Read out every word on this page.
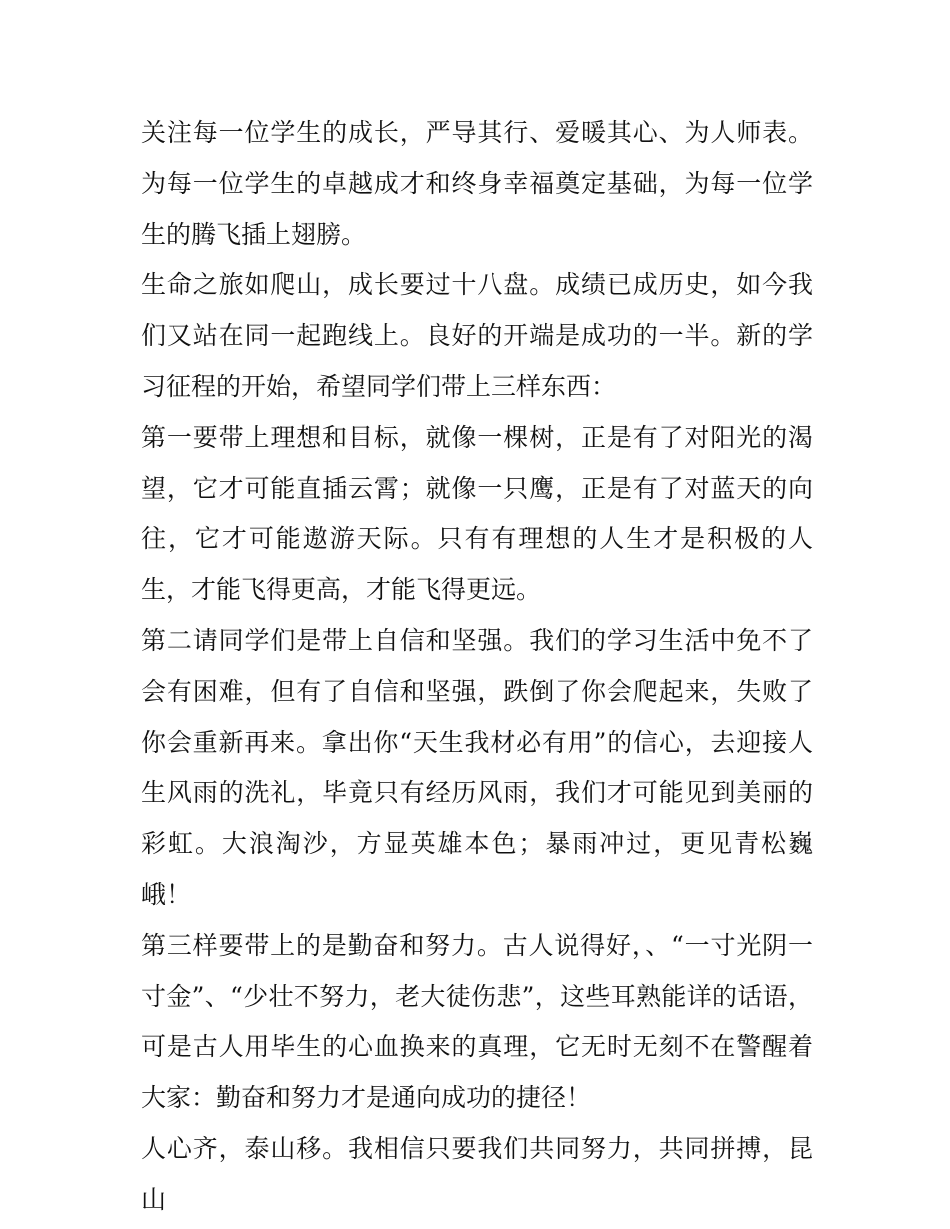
关注每一位学生的成长，严导其行、爱暖其心、为人师表。为每一位学生的卓越成才和终身幸福奠定基础，为每一位学生的腾飞插上翅膀。

生命之旅如爬山，成长要过十八盘。成绩已成历史，如今我们又站在同一起跑线上。良好的开端是成功的一半。新的学习征程的开始，希望同学们带上三样东西：

第一要带上理想和目标，就像一棵树，正是有了对阳光的渴望，它才可能直插云霄；就像一只鹰，正是有了对蓝天的向往，它才可能遨游天际。只有有理想的人生才是积极的人生，才能飞得更高，才能飞得更远。

第二请同学们是带上自信和坚强。我们的学习生活中免不了会有困难，但有了自信和坚强，跌倒了你会爬起来，失败了你会重新再来。拿出你“天生我材必有用”的信心，去迎接人生风雨的洗礼，毕竟只有经历风雨，我们才可能见到美丽的彩虹。大浪淘沙，方显英雄本色；暴雨冲过，更见青松巍峨！

第三样要带上的是勤奋和努力。古人说得好，、“一寸光阴一寸金”、“少壮不努力，老大徒伤悲”，这些耳熟能详的话语，可是古人用毕生的心血换来的真理，它无时无刻不在警醒着大家：勤奋和努力才是通向成功的捷径！

人心齐，泰山移。我相信只要我们共同努力，共同拼搏，昆山
